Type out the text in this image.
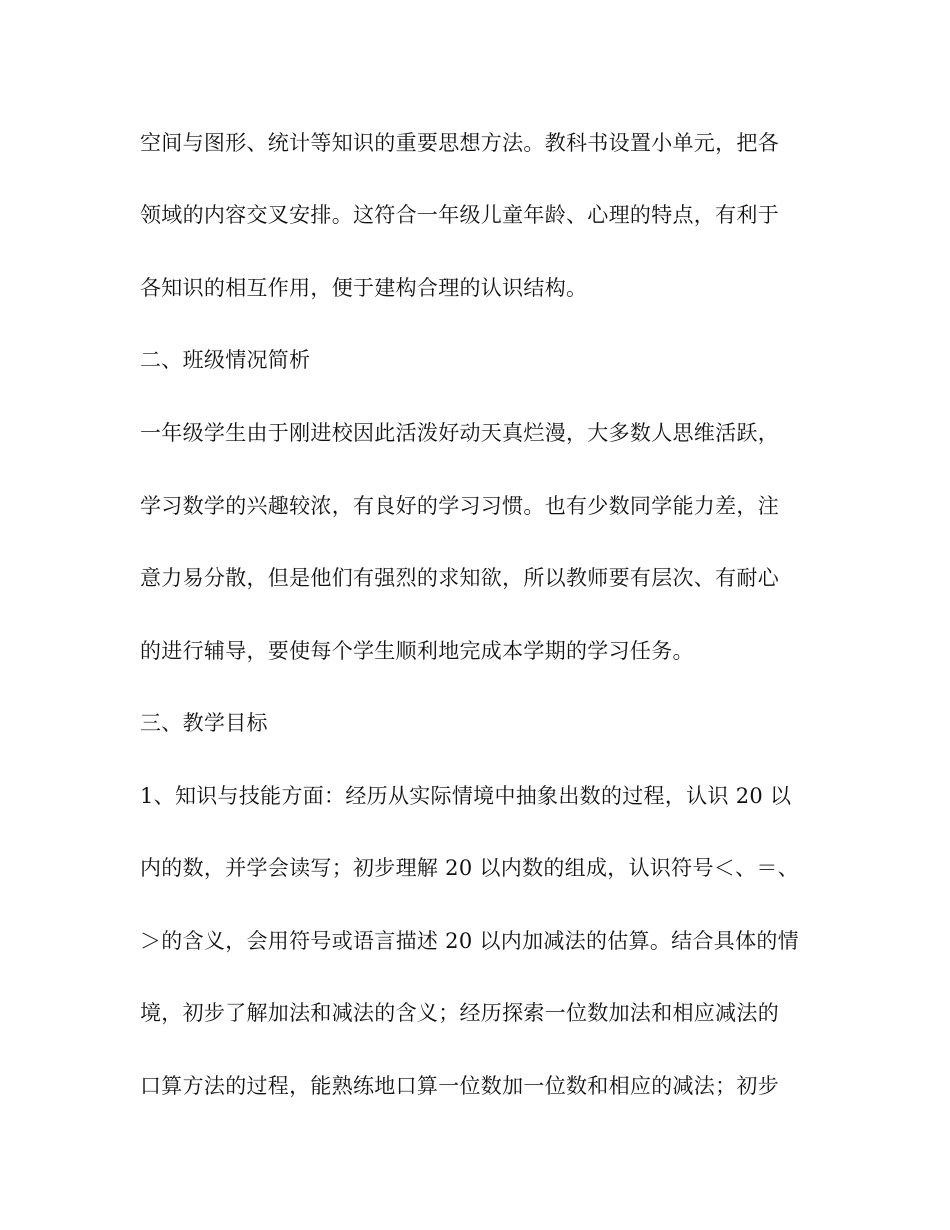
空间与图形、统计等知识的重要思想方法。教科书设置小单元，把各
领域的内容交叉安排。这符合一年级儿童年龄、心理的特点，有利于
各知识的相互作用，便于建构合理的认识结构。
二、班级情况简析
一年级学生由于刚进校因此活泼好动天真烂漫，大多数人思维活跃，
学习数学的兴趣较浓，有良好的学习习惯。也有少数同学能力差，注
意力易分散，但是他们有强烈的求知欲，所以教师要有层次、有耐心
的进行辅导，要使每个学生顺利地完成本学期的学习任务。
三、教学目标
1、知识与技能方面：经历从实际情境中抽象出数的过程，认识 20 以
内的数，并学会读写；初步理解 20 以内数的组成，认识符号＜、＝、
＞的含义，会用符号或语言描述 20 以内加减法的估算。结合具体的情
境，初步了解加法和减法的含义；经历探索一位数加法和相应减法的
口算方法的过程，能熟练地口算一位数加一位数和相应的减法；初步
